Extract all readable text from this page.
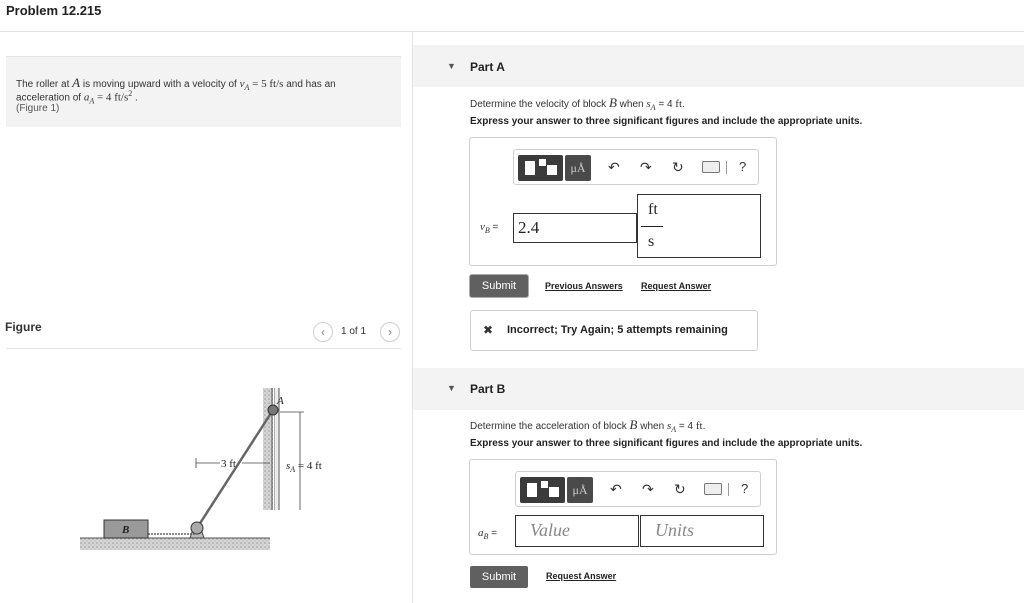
Problem 12.215
The roller at A is moving upward with a velocity of $v_A = 5$ ft/s and has an
acceleration of $a_A = 4$ $ft/s^2$ .
(Figure 1)
Figure	‹ 1 of 1 ›
3 ft	$s_A = 4$ ft
A
B
▼ Part A
Determine the velocity of block B when $s_A = 4$ ft.
Express your answer to three significant figures and include the appropriate units.
μÅ	↶ ↷ ↻	?
$v_B = 2.4$
ft
s
Submit	Previous Answers Request Answer
✖ Incorrect; Try Again; 5 attempts remaining
▼ Part B
Determine the acceleration of block B when $s_A = 4$ ft.
Express your answer to three significant figures and include the appropriate units.
μÅ	↶ ↷ ↻	?
$a_B$ =	Value	Units
Submit	Request Answer
